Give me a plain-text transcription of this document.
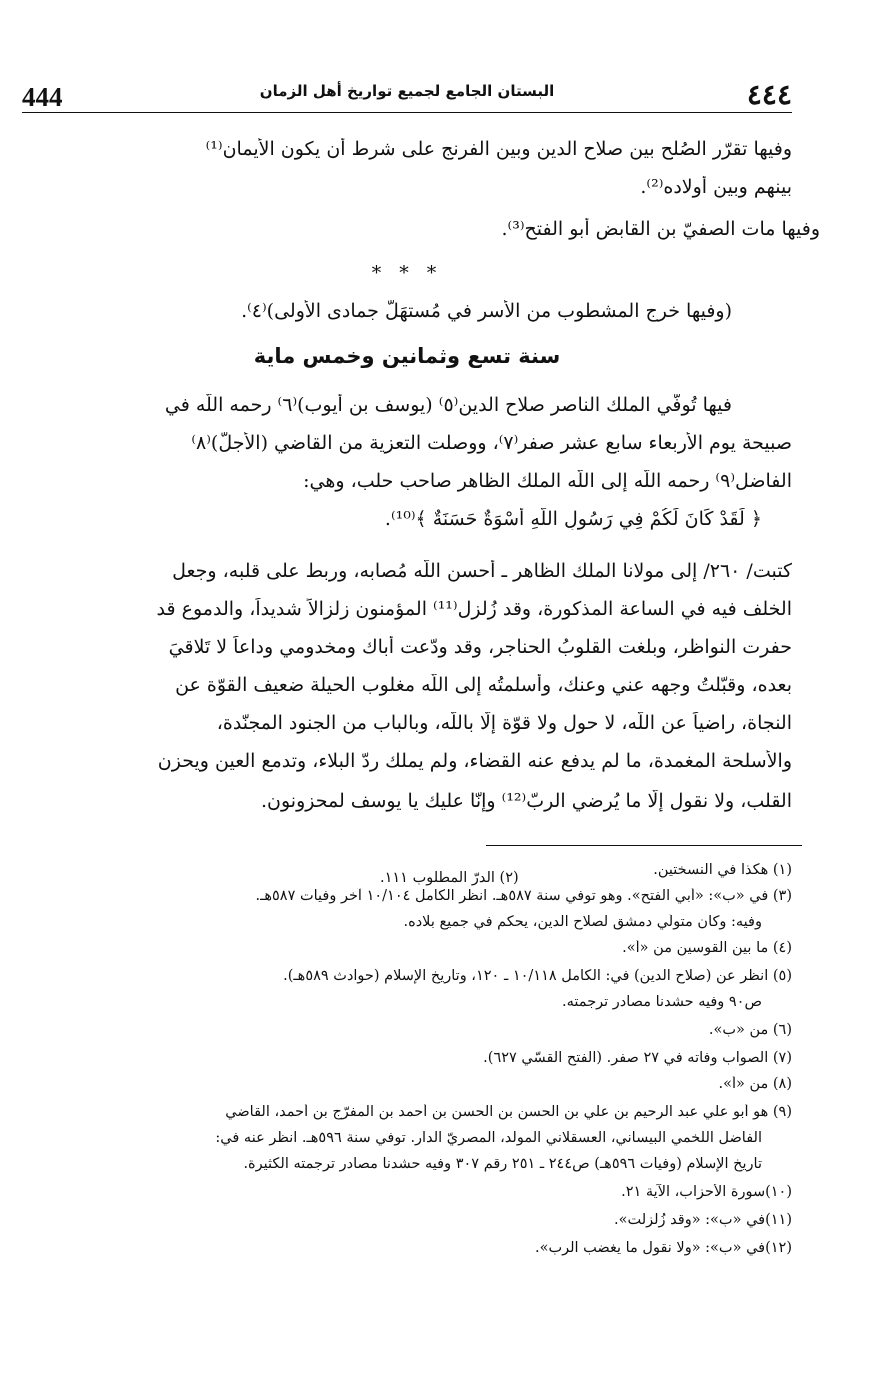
444	البستان الجامع لجميع تواريخ أهل الزمان	٤٤٤
وفيها تقرّر الصُلح بين صلاح الدين وبين الفرنج على شرط أن يكون الأَيمان⁽¹⁾
بينهم وبين أولاده⁽²⁾.
وفيها مات الصفيّ بن القابض أبو الفتح⁽³⁾.
* * *
(وفيها خرج المشطوب من الأسر في مُستهَلّ جمادى الأولى)⁽٤⁾.
سنة تسع وثمانين وخمس ماية
فيها تُوفّي الملك الناصر صلاح الدين⁽٥⁾ (يوسف بن أيوب)⁽٦⁾ رحمه اللّه في
صبيحة يوم الأربعاء سابع عشر صفر⁽٧⁾، ووصلت التعزية من القاضي (الأجلّ)⁽٨⁾
الفاضل⁽٩⁾ رحمه اللّه إلى اللّه الملك الظاهر صاحب حلب، وهي:
﴿ لَقَدْ كَانَ لَكُمْ فِي رَسُولِ اللَّهِ أُسْوَةٌ حَسَنَةٌ ﴾⁽¹⁰⁾.
كتبت/ ٢٦٠/ إلى مولانا الملك الظاهر ـ أحسن اللّه مُصابه، وربط على قلبه، وجعل
الخلف فيه في الساعة المذكورة، وقد زُلزل⁽¹¹⁾ المؤمنون زلزالاً شديداً، والدموع قد
حفرت النواظر، وبلغت القلوبُ الحناجر، وقد ودّعت أباك ومخدومي وداعاً لا تَلاقيَ
بعده، وقبّلتُ وجهه عني وعنك، وأسلمتُه إلى اللّه مغلوب الحيلة ضعيف القوّة عن
النجاة، راضياً عن اللّه، لا حول ولا قوّة إلّا باللّه، وبالباب من الجنود المجنّدة،
والأسلحة المغمدة، ما لم يدفع عنه القضاء، ولم يملك ردّ البلاء، وتدمع العين ويحزن
القلب، ولا نقول إلّا ما يُرضي الربّ⁽¹²⁾ وإنّا عليك يا يوسف لمحزونون.
(١) هكذا في النسختين.
(٢) الدرّ المطلوب ١١١.
(٣) في «ب»: «أبي الفتح». وهو توفي سنة ٥٨٧هـ. انظر الكامل ١٠/١٠٤ آخر وفيات ٥٨٧هـ.
وفيه: وكان متولّي دمشق لصلاح الدين، يحكم في جميع بلاده.
(٤) ما بين القوسين من «أ».
(٥) انظر عن (صلاح الدين) في: الكامل ١٠/١١٨ ـ ١٢٠، وتاريخ الإسلام (حوادث ٥٨٩هـ).
ص٩٠ وفيه حشدنا مصادر ترجمته.
(٦) من «ب».
(٧) الصواب وفاته في ٢٧ صفر. (الفتح القسّي ٦٢٧).
(٨) من «أ».
(٩) هو أبو علي عبد الرحيم بن علي بن الحسن بن الحسن بن أحمد بن المفرّج بن أحمد، القاضي
الفاضل اللخمي البيساني، العسقلاني المولد، المصريّ الدار. توفي سنة ٥٩٦هـ. انظر عنه في:
تاريخ الإسلام (وفيات ٥٩٦هـ) ص٢٤٤ ـ ٢٥١ رقم ٣٠٧ وفيه حشدنا مصادر ترجمته الكثيرة.
(١٠)سورة الأحزاب، الآية ٢١.
(١١)في «ب»: «وقد زُلزلت».
(١٢)في «ب»: «ولا نقول ما يغضب الرب».
